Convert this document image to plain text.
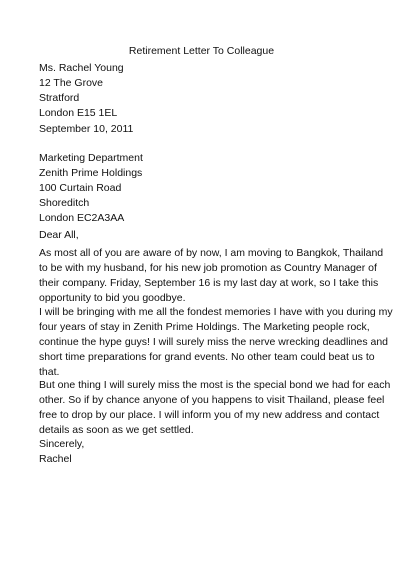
Retirement Letter To Colleague
Ms. Rachel Young
12 The Grove
Stratford
London E15 1EL
September 10, 2011
Marketing Department
Zenith Prime Holdings
100 Curtain Road
Shoreditch
London EC2A3AA
Dear All,
As most all of you are aware of by now, I am moving to Bangkok, Thailand
to be with my husband, for his new job promotion as Country Manager of
their company. Friday, September 16 is my last day at work, so I take this
opportunity to bid you goodbye.
I will be bringing with me all the fondest memories I have with you during my
four years of stay in Zenith Prime Holdings. The Marketing people rock,
continue the hype guys! I will surely miss the nerve wrecking deadlines and
short time preparations for grand events. No other team could beat us to
that.
But one thing I will surely miss the most is the special bond we had for each
other. So if by chance anyone of you happens to visit Thailand, please feel
free to drop by our place. I will inform you of my new address and contact
details as soon as we get settled.
Sincerely,
Rachel
